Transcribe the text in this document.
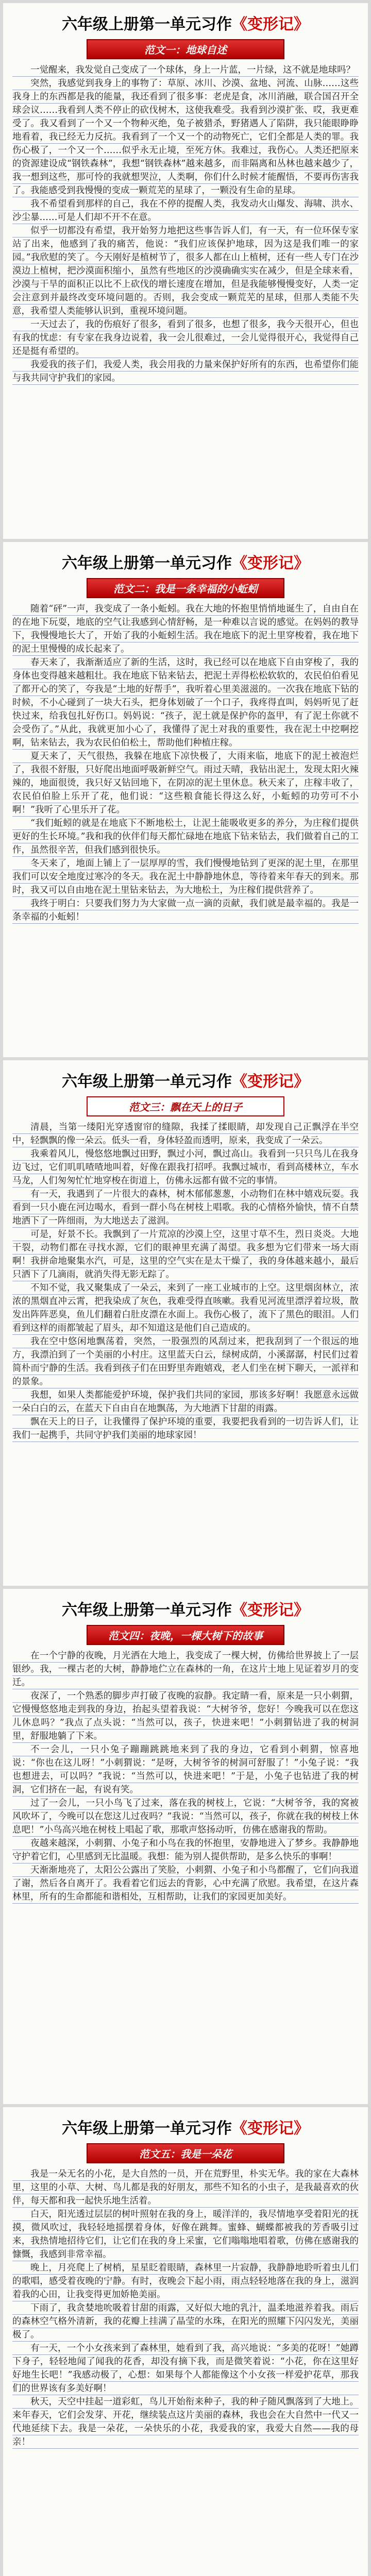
六年级上册第一单元习作《变形记》
范文一：地球自述

一觉醒来，我发觉自己变成了一个球体，身上一片蓝，一片绿，这不就是地球吗？

突然，我感觉到我身上的事物了：草原、冰川、沙漠、盆地、河流、山脉……这些我身上的东西都是我的能量，我还看到了很多事：老虎是食，冰川消融，联合国召开全球会议……我看到人类不停止的砍伐树木，这使我难受。我看到沙漠扩张、哎，我更难受了。我又看到了一个又一个物种灭绝，兔子被猎杀，野猪遇人了陷阱，我只能眼睁睁地看着，我已经无力反抗。我看到了一个又一个的动物死亡，它们全都是人类的罪。我伤心极了，一个又一个……似乎永无止境，至死方休。我难过，我伤心。人类还把原来的资源建设成“钢铁森林”，我想“钢铁森林”越来越多，而非隔离和丛林也越来越少了，我一想到这些，那可怜的我就想哭泣，人类啊，你们什么时候才能醒悟，不要再伤害我了。我能感受到我慢慢的变成一颗荒芜的星球了，一颗没有生命的星球。

我不希望看到那样的自己，我在不停的提醒人类，我发动火山爆发、海啸、洪水、沙尘暴……可是人们却不开不在意。

似乎一切都没有希望，我开始努力地把这些事告诉人们，有一天，有一位环保专家站了出来，他感到了我的痛苦，他说：“我们应该保护地球，因为这是我们唯一的家园。”我欣慰的笑了。今天刚好是植树节了，很多人都在山上植树，还有一些人专门在沙漠边上植树，把沙漠面积缩小，虽然有些地区的沙漠确确实实在减少，但是全球来看，沙漠与干旱的面积正以比不上砍伐的增长速度在增加，但是我能够慢慢变好，人类一定会注意到并最终改变环境问题的。否则，我会变成一颗荒芜的星球，但那人类能不失意，我希望人类能够认识到，重视环境问题。

一天过去了，我的伤痕好了很多，看到了很多，也想了很多，我今天很开心，但也有我的忧虑：有专家在我身边说着，我一会儿很难过，一会儿觉得很开心，我觉得自己还是挺有希望的。

我爱我的孩子们，我爱人类，我会用我的力量来保护好所有的东西，也希望你们能与我共同守护我们的家园。

六年级上册第一单元习作《变形记》
范文二：我是一条幸福的小蚯蚓

随着“砰”一声，我变成了一条小蚯蚓。我在大地的怀抱里悄悄地诞生了，自由自在的在地下玩耍，地底的空气让我感到心情舒畅，是一种难以言说的感觉。在妈妈的教导下，我慢慢地长大了，开始了我的小蚯蚓生活。我在地底下的泥土里穿梭着，我在地下的泥土里慢慢的成长起来了。

春天来了，我渐渐适应了新的生活，这时，我已经可以在地底下自由穿梭了，我的身体也变得越来越粗壮。我在地底下钻来钻去，把泥土弄得松松软软的，农民伯伯看见了都开心的笑了，夸我是“土地的好帮手”，我听着心里美滋滋的。一次我在地底下钻的时候，不小心碰到了一块大石头，把身体划破了一个口子，我疼得直叫，妈妈听见了赶快过来，给我包扎好伤口。妈妈说：“孩子，泥土就是保护你的盔甲，有了泥土你就不会受伤了。”从此，我就更加小心了，我懂得了泥土对我的重要性，我在泥土中挖啊挖啊，钻来钻去，我为农民伯伯松土，帮助他们种植庄稼。

夏天来了，天气很热，我躲在地底下凉快极了，大雨来临，地底下的泥土被泡烂了，我很不舒服，只好爬出地面呼吸新鲜空气。雨过天晴，我钻出泥土，发现太阳火辣辣的，地面很烫，我只好又钻回地下，在阴凉的泥土里休息。秋天来了，庄稼丰收了，农民伯伯脸上乐开了花，他们说：“这些粮食能长得这么好，小蚯蚓的功劳可不小啊！”我听了心里乐开了花。

“我们蚯蚓的就是在地底下不断地松土，让泥土能吸收更多的养分，为庄稼们提供更好的生长环境。”我和我的伙伴们每天都忙碌地在地底下钻来钻去，我们做着自己的工作，虽然很辛苦，但我们感到很快乐。

冬天来了，地面上铺上了一层厚厚的雪，我们慢慢地钻到了更深的泥土里，在那里我们可以安全地度过寒冷的冬天。我在泥土中静静地休息，等待着来年春天的到来。那时，我又可以自由地在泥土里钻来钻去，为大地松土，为庄稼们提供营养了。

我终于明白：只要我们努力为大家做一点一滴的贡献，我们就是最幸福的。我是一条幸福的小蚯蚓！

六年级上册第一单元习作《变形记》
范文三：飘在天上的日子

清晨，当第一缕阳光穿透窗帘的缝隙，我揉了揉眼睛，却发现自己正飘浮在半空中，轻飘飘的像一朵云。低头一看，身体轻盈而透明，原来，我变成了一朵云。

我乘着风儿，慢悠悠地飘过田野，飘过小河，飘过高山。我看到一只只鸟儿在我身边飞过，它们叽叽喳喳地叫着，好像在跟我打招呼。我飘过城市，看到高楼林立，车水马龙，人们匆匆忙忙地穿梭在街道上，仿佛永远都有做不完的事情。

有一天，我遇到了一片很大的森林，树木郁郁葱葱，小动物们在林中嬉戏玩耍。我看到一只小鹿在河边喝水，看到一群小鸟在树枝上唱歌。我的心情格外愉快，情不自禁地洒下了一阵细雨，为大地送去了滋润。

可是，好景不长。我飘到了一片荒凉的沙漠上空，这里寸草不生，烈日炎炎。大地干裂，动物们都在寻找水源，它们的眼神里充满了渴望。我多想为它们带来一场大雨啊！我拼命地聚集水汽，可是，这里的空气实在是太干燥了，我的身体越来越小，最后只洒下了几滴雨，就消失得无影无踪了。

不知不觉，我又聚集成了一朵云，来到了一座工业城市的上空。这里烟囱林立，浓浓的黑烟直冲云霄，把我染成了灰色，我难受得直咳嗽。我看见河流里漂浮着垃圾，散发出阵阵恶臭，鱼儿们翻着白肚皮漂在水面上。我伤心极了，流下了黑色的眼泪。人们看到这样的雨都皱起了眉头，却不知道这是他们自己造成的。

我在空中悠闲地飘荡着，突然，一股强烈的风刮过来，把我刮到了一个很远的地方，我漂泊到了一个美丽的小村庄。这里蓝天白云，绿树成荫，小溪潺潺，村民们过着简朴而宁静的生活。我看到孩子们在田野里奔跑嬉戏，老人们坐在树下聊天，一派祥和的景象。

我想，如果人类都能爱护环境，保护我们共同的家园，那该多好啊！我愿意永远做一朵白白的云，在蓝天下自由自在地飘荡，为大地洒下甘甜的雨露。

飘在天上的日子，让我懂得了保护环境的重要，我要把我看到的一切告诉人们，让我们一起携手，共同守护我们美丽的地球家园！

六年级上册第一单元习作《变形记》
范文四：夜晚，一棵大树下的故事

在一个宁静的夜晚，月光洒在大地上，我变成了一棵大树，仿佛给世界披上了一层银纱。我，一棵古老的大树，静静地伫立在森林的一角，在这片土地上见证着岁月的变迁。

夜深了，一个熟悉的脚步声打破了夜晚的寂静。我定睛一看，原来是一只小刺猬，它慢慢悠悠地走到我的身边，抬起头望着我说：“大树爷爷，您好！今晚我可以在您这儿休息吗？”我点了点头说：“当然可以，孩子，快进来吧！”小刺猬钻进了我的树洞里，舒服地躺了下来。

不一会儿，一只小兔子蹦蹦跳跳地来到了我的身边，它看到小刺猬，惊喜地说：“你也在这儿呀！”小刺猬说：“是呀，大树爷爷的树洞可舒服了！”小兔子说：“我也想进去，可以吗？”我说：“当然可以，快进来吧！”于是，小兔子也钻进了我的树洞，它们挤在一起，有说有笑。

过了一会儿，一只小鸟飞了过来，落在我的树枝上，它说：“大树爷爷，我的窝被风吹坏了，今晚可以在您这儿过夜吗？”我说：“当然可以，孩子，你就在我的树枝上休息吧！”小鸟高兴地在树枝上唱起了歌，那歌声悠扬动听，仿佛在感谢我的帮助。

夜越来越深，小刺猬、小兔子和小鸟在我的怀抱里，安静地进入了梦乡。我静静地守护着它们，心里感到无比温暖。我想：能为别人提供帮助，是多么快乐的事啊！

天渐渐地亮了，太阳公公露出了笑脸，小刺猬、小兔子和小鸟都醒了，它们向我道了谢，然后各自离开了。我看着它们远去的背影，心中充满了欣慰。我希望，在这片森林里，所有的生命都能和谐相处，互相帮助，让我们的家园更加美好。

六年级上册第一单元习作《变形记》
范文五：我是一朵花

我是一朵无名的小花，是大自然的一员，开在荒野里，朴实无华。我的家在大森林里，这里的小草、大树、鸟儿都是我的好朋友，那些不知名的小虫子，是我最喜欢的伙伴，每天都和我一起快乐地生活着。

白天，阳光透过层层的树叶照射在我的身上，暖洋洋的，我尽情地享受着阳光的抚摸，微风吹过，我轻轻地摇摆着身体，好像在跳舞。蜜蜂、蝴蝶都被我的芳香吸引过来，我热情地招待它们，让它们在我的身上采蜜，它们嗡嗡地唱着歌，仿佛在感谢我的慷慨，我感到非常幸福。

晚上，月亮爬上了树梢，星星眨着眼睛，森林里一片寂静，我静静地聆听着虫儿们的歌唱，感受着夜晚的宁静。有时，夜晚会下起小雨，雨点轻轻地落在我的身上，滋润着我的心田，让我变得更加娇艳美丽。

下雨了，我贪婪地吮吸着甘甜的雨露，又好似大地的乳汁，温柔地滋养着我。雨后的森林空气格外清新，我的花瓣上挂满了晶莹的水珠，在阳光的照耀下闪闪发光，美丽极了。

有一天，一个小女孩来到了森林里，她看到了我，高兴地说：“多美的花呀！”她蹲下身子，轻轻地闻了闻我的花香，却没有摘下我，而是微笑着说：“小花，你在这里好好地生长吧！”我感动极了，心想：如果每个人都能像这个小女孩一样爱护花草，那我们的世界该有多美好啊！

秋天，天空中挂起一道彩虹，鸟儿开始衔来种子，我的种子随风飘落到了大地上。来年春天，它们会发芽、开花，继续装点这片美丽的森林，我也会在大自然中一代又一代地延续下去。我是一朵花，一朵快乐的小花，我爱我的家，我爱大自然——我的母亲！
